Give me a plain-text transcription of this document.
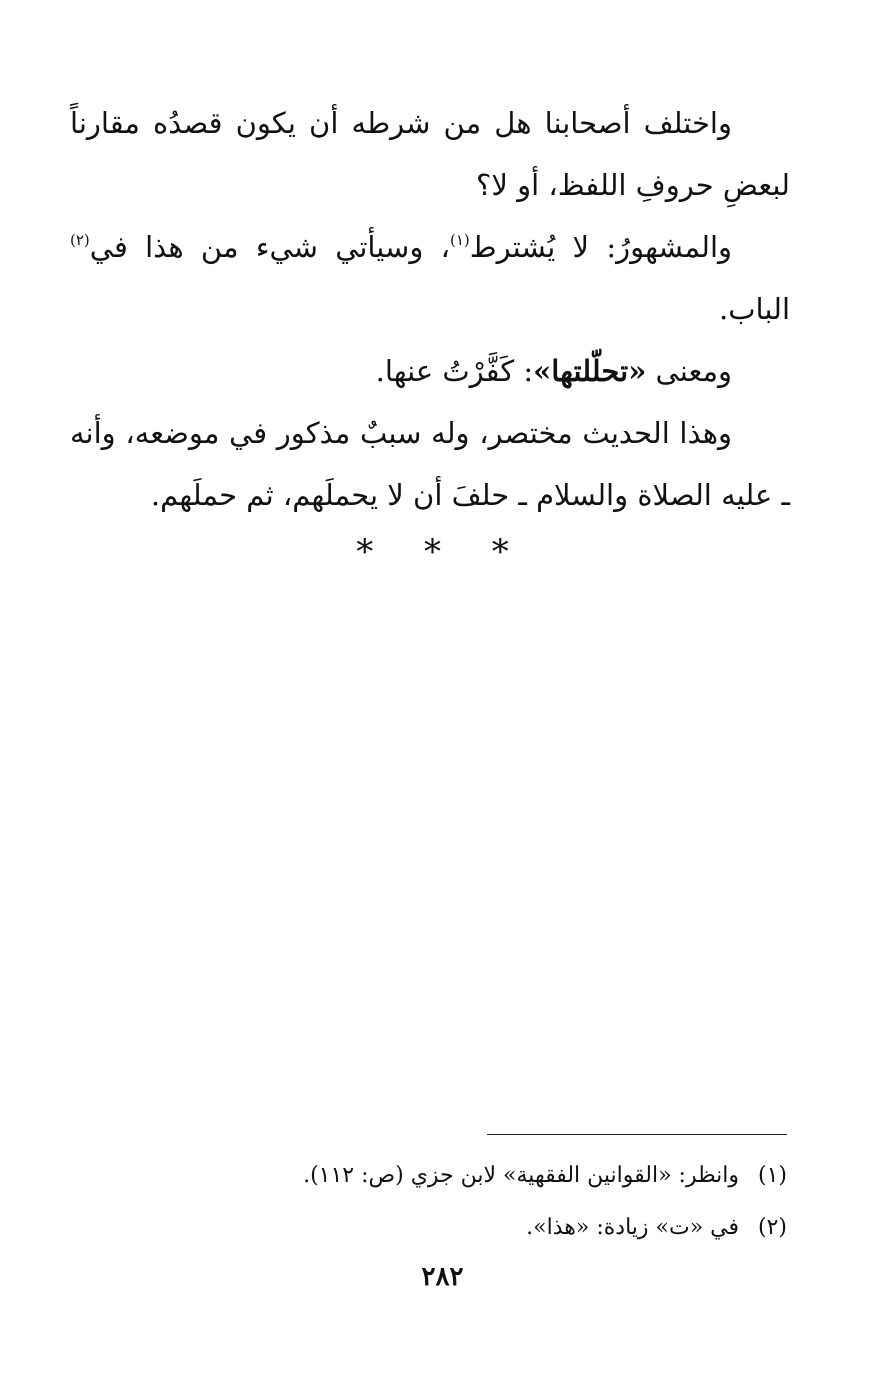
واختلف أصحابنا هل من شرطه أن يكون قصدُه مقارناً لبعضِ حروفِ اللفظ، أو لا؟

والمشهورُ: لا يُشترط$^{(١)}$، وسيأتي شيء من هذا في$^{(٢)}$ الباب.

ومعنى «تحلّلتها»: كَفَّرْتُ عنها.

وهذا الحديث مختصر، وله سببٌ مذكور في موضعه، وأنه ـ عليه الصلاة والسلام ـ حلفَ أن لا يحملَهم، ثم حملَهم.

* * *
(١)
وانظر: «القوانين الفقهية» لابن جزي (ص: ١١٢).
(٢)
في «ت» زيادة: «هذا».
٢٨٢
